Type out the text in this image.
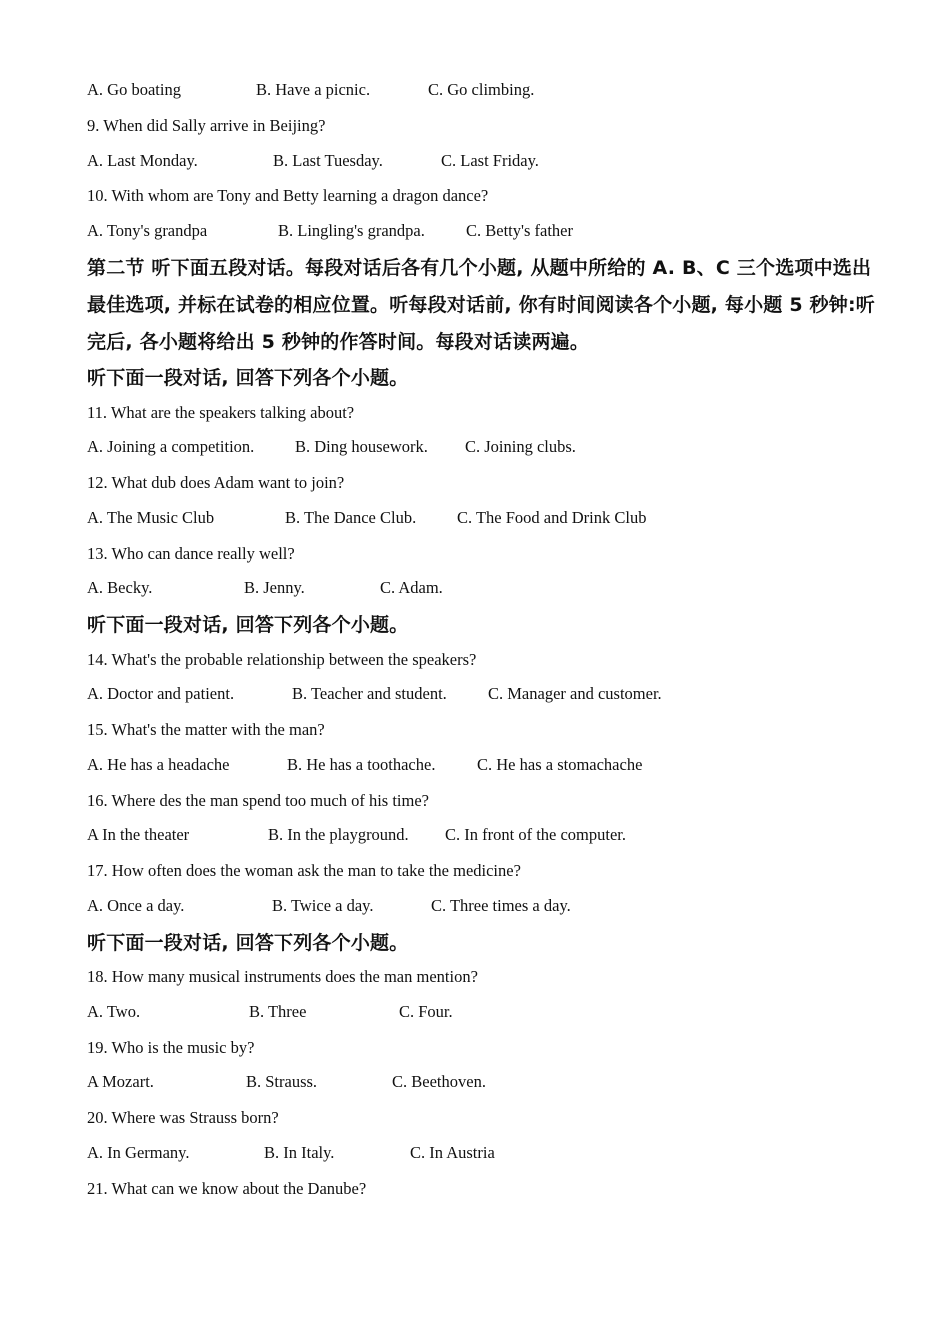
A. Go boating	B. Have a picnic.	C. Go climbing.
9. When did Sally arrive in Beijing?
A. Last Monday.	B. Last Tuesday.	C. Last Friday.
10. With whom are Tony and Betty learning a dragon dance?
A. Tony's grandpa	B. Lingling's grandpa. C. Betty's father
第二节 听下面五段对话。每段对话后各有几个小题, 从题中所给的 A. B、C 三个选项中选出
最佳选项, 并标在试卷的相应位置。听每段对话前, 你有时间阅读各个小题, 每小题 5 秒钟:听
完后, 各小题将给出 5 秒钟的作答时间。每段对话读两遍。
听下面一段对话, 回答下列各个小题。
11. What are the speakers talking about?
A. Joining a competition. B. Ding housework. C. Joining clubs.
12. What dub does Adam want to join?
A. The Music Club	B. The Dance Club. C. The Food and Drink Club
13. Who can dance really well?
A. Becky.	B. Jenny.	C. Adam.
听下面一段对话, 回答下列各个小题。
14. What's the probable relationship between the speakers?
A. Doctor and patient.	B. Teacher and student. C. Manager and customer.
15. What's the matter with the man?
A. He has a headache	B. He has a toothache.	C. He has a stomachache
16. Where des the man spend too much of his time?
A In the theater	B. In the playground. C. In front of the computer.
17. How often does the woman ask the man to take the medicine?
A. Once a day.	B. Twice a day.	C. Three times a day.
听下面一段对话, 回答下列各个小题。
18. How many musical instruments does the man mention?
A. Two.	B. Three	C. Four.
19. Who is the music by?
A Mozart.	B. Strauss.	C. Beethoven.
20. Where was Strauss born?
A. In Germany.	B. In Italy.	C. In Austria
21. What can we know about the Danube?
